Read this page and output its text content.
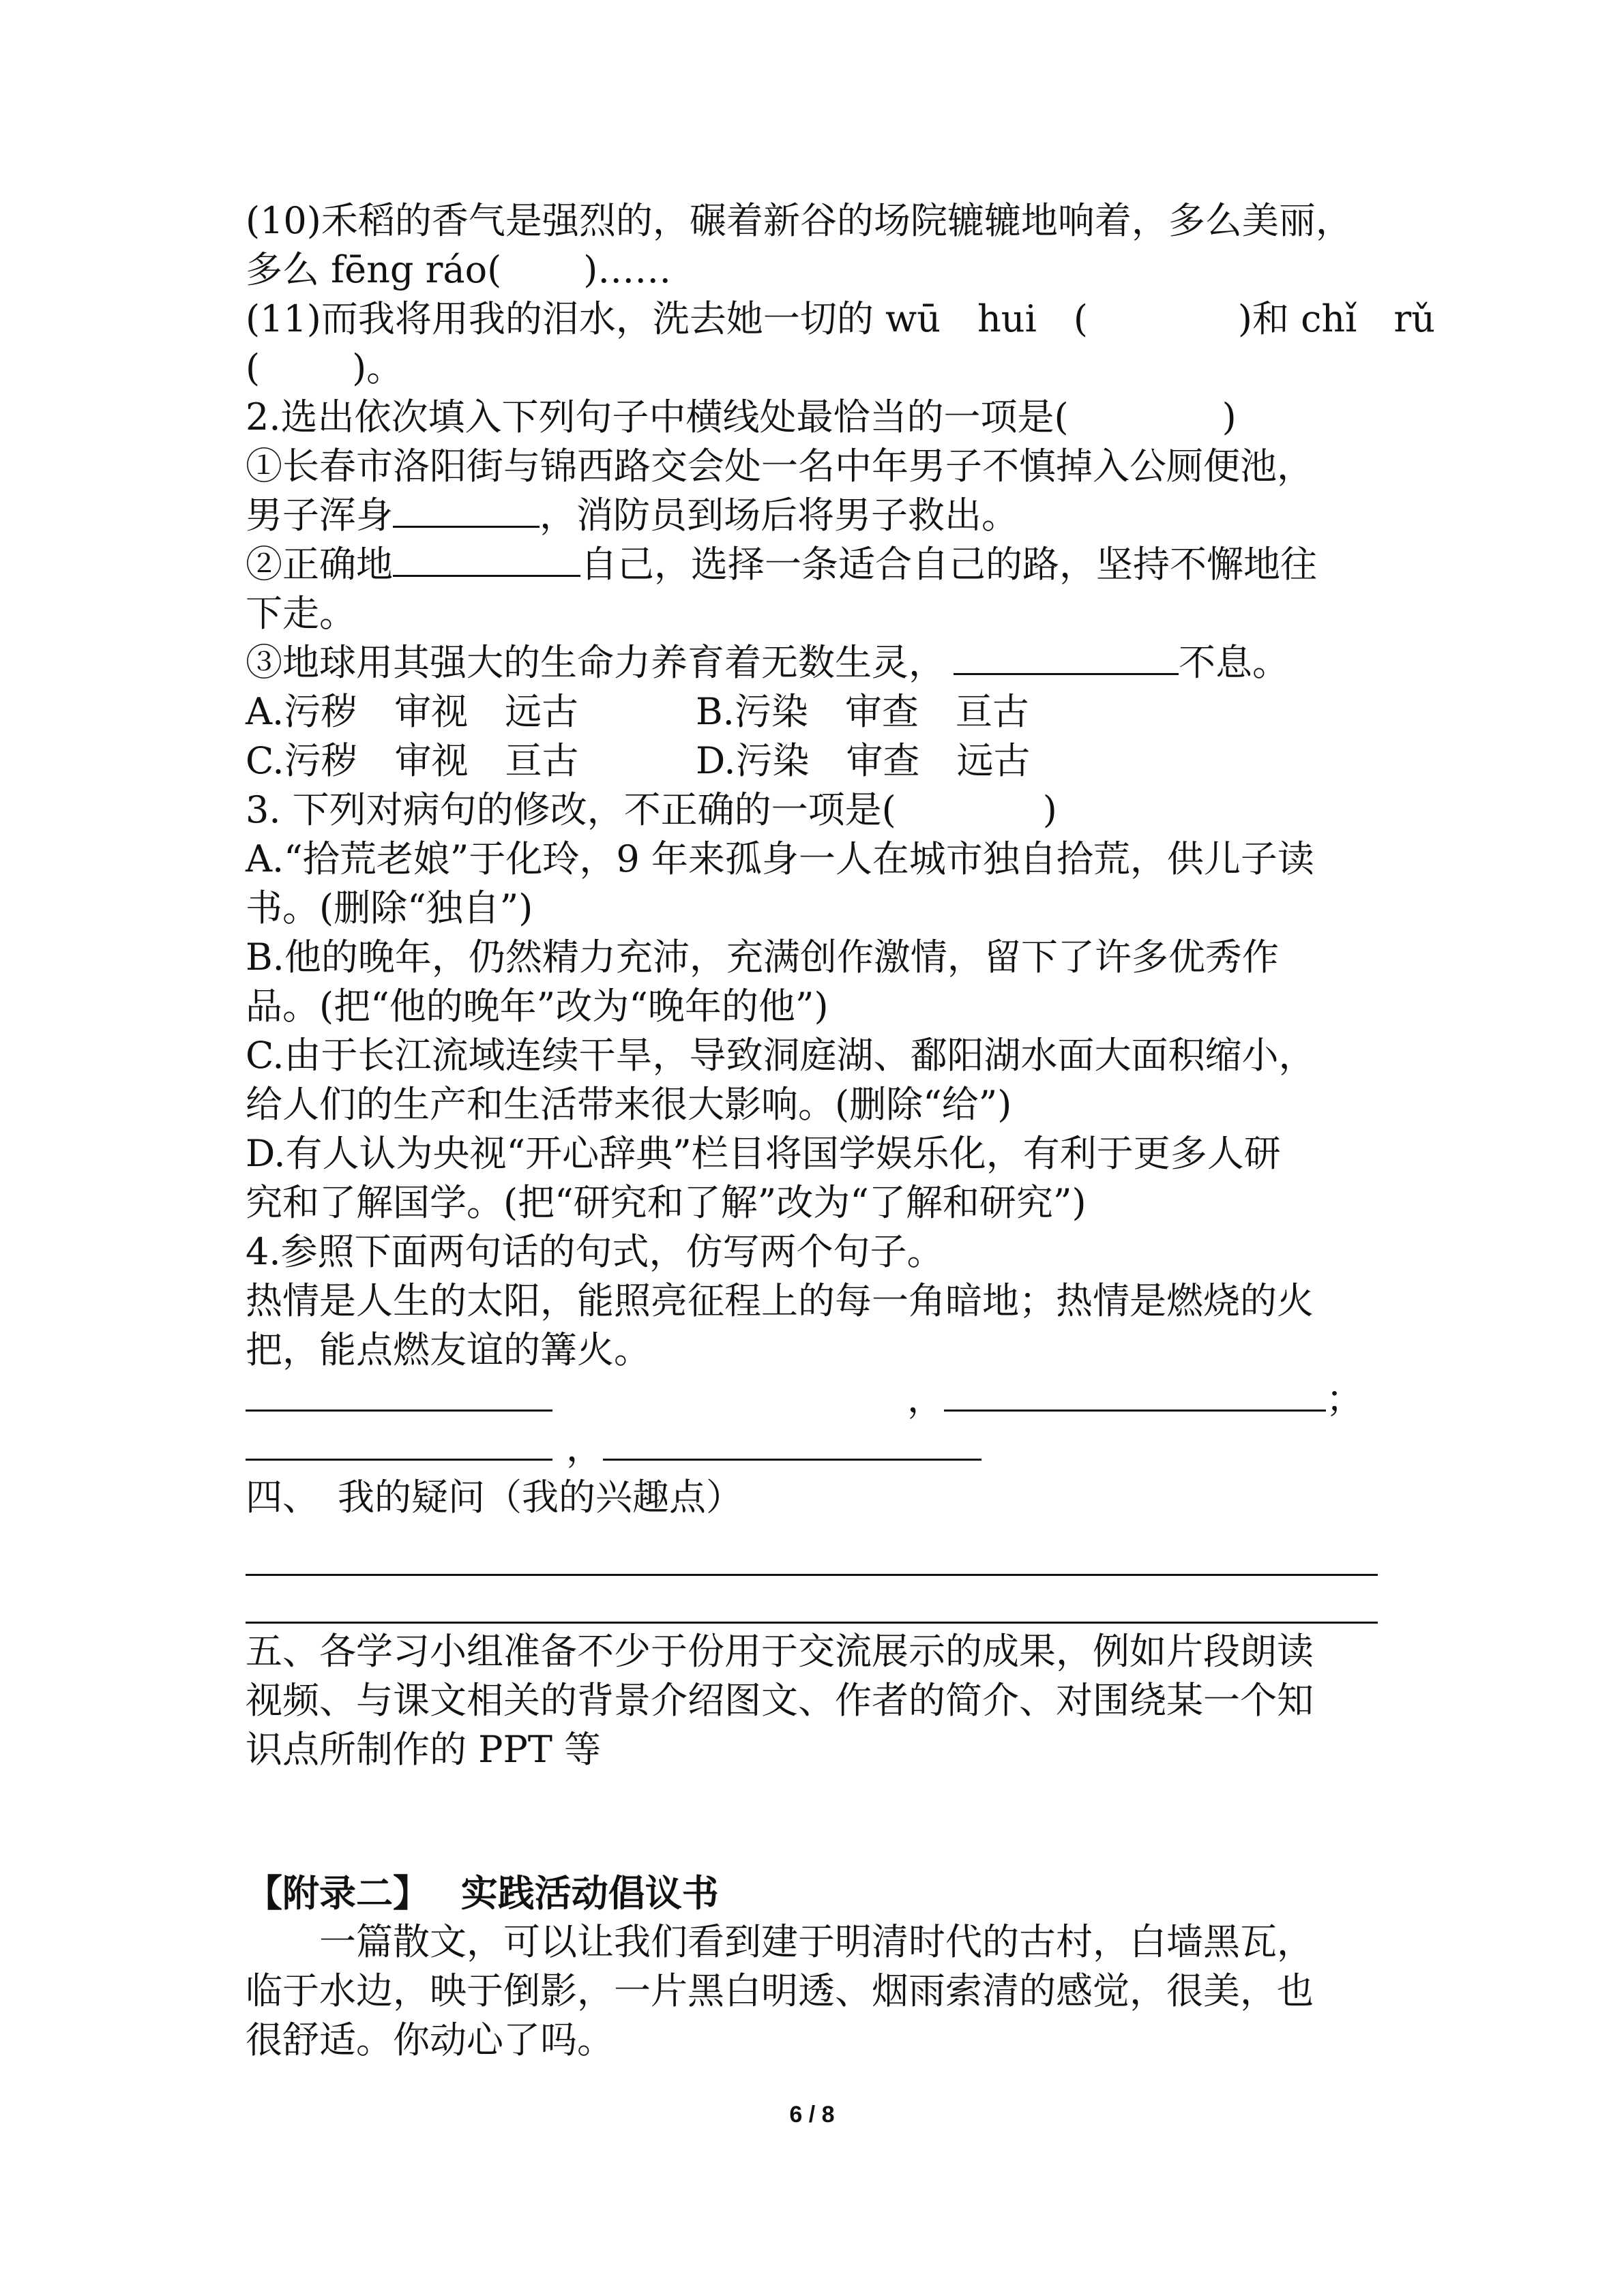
(10)禾稻的香气是强烈的，碾着新谷的场院辘辘地响着，多么美丽，
多么 fēng ráo( )……
(11)而我将用我的泪水，洗去她一切的 wū　hui　(	)和 chǐ　rǔ
(	)。
2.选出依次填入下列句子中横线处最恰当的一项是(	)
①长春市洛阳街与锦西路交会处一名中年男子不慎掉入公厕便池，
男子浑身	，消防员到场后将男子救出。
②正确地	自己，选择一条适合自己的路，坚持不懈地往
下走。
③地球用其强大的生命力养育着无数生灵，	不息。
A.污秽　审视　远古	B.污染　审查　亘古
C.污秽　审视　亘古	D.污染　审查　远古
3. 下列对病句的修改，不正确的一项是(	)
A.“拾荒老娘”于化玲，9 年来孤身一人在城市独自拾荒，供儿子读
书。(删除“独自”)
B.他的晚年，仍然精力充沛，充满创作激情，留下了许多优秀作
品。(把“他的晚年”改为“晚年的他”)
C.由于长江流域连续干旱，导致洞庭湖、鄱阳湖水面大面积缩小，
给人们的生产和生活带来很大影响。(删除“给”)
D.有人认为央视“开心辞典”栏目将国学娱乐化，有利于更多人研
究和了解国学。(把“研究和了解”改为“了解和研究”)
4.参照下面两句话的句式，仿写两个句子。
热情是人生的太阳，能照亮征程上的每一角暗地；热情是燃烧的火
把，能点燃友谊的篝火。
，	；
，
四、　我的疑问（我的兴趣点）
五、各学习小组准备不少于份用于交流展示的成果，例如片段朗读
视频、与课文相关的背景介绍图文、作者的简介、对围绕某一个知
识点所制作的 PPT 等
【附录二】　 实践活动倡议书
一篇散文，可以让我们看到建于明清时代的古村，白墙黑瓦，
临于水边，映于倒影，一片黑白明透、烟雨索清的感觉，很美，也
很舒适。你动心了吗。
6 / 8
